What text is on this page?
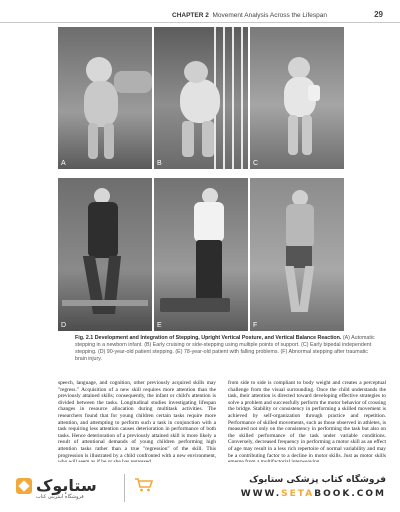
CHAPTER 2 Movement Analysis Across the Lifespan	29
A	B	C
D	E	F
Fig. 2.1 Development and Integration of Stepping, Upright Vertical Posture, and Vertical Balance Reaction. (A) Automatic stepping in a newborn infant. (B) Early cruising or side-stepping using multiple points of support. (C) Early bipedal independent stepping. (D) 90-year-old patient stepping. (E) 78-year-old patient with falling problems. (F) Abnormal stepping after traumatic brain injury.
speech, language, and cognition, other previously acquired skills may "regress." Acquisition of a new skill requires more attention than the previously attained skills; consequently, the infant or child's attention is divided between the tasks. Longitudinal studies investigating lifespan changes in resource allocation during multitask activities. The researchers found that for young children certain tasks require more attention, and attempting to perform such a task in conjunction with a task requiring less attention causes deterioration in performance of both tasks. Hence deterioration of a previously attained skill is more likely a result of attentional demands of young children performing high attention tasks rather than a true "regression" of the skill. This progression is illustrated by a child confronted with a new environment,
from side to side is compliant to body weight and creates a perceptual challenge from the visual surrounding. Once the child understands the task, their attention is directed toward developing effective strategies to solve a problem and successfully perform the motor behavior of crossing the bridge. Stability or consistency in performing a skilled movement is achieved by self-organization through practice and repetition. Performance of skilled movements, such as those observed in athletes, is measured not only on the consistency in performing the task but also on the skilled performance of the task under variable conditions. Conversely, decreased frequency in performing a motor skill as an effect of age may result in a less rich repertoire of normal variability and may be a contributing factor to a decline in motor skills. Just as motor skills
ستابوک
فروشگاه اینترنتی کتاب
فروشگاه کتاب پزشکی ستابوک
WWW.SETABOOK.COM
